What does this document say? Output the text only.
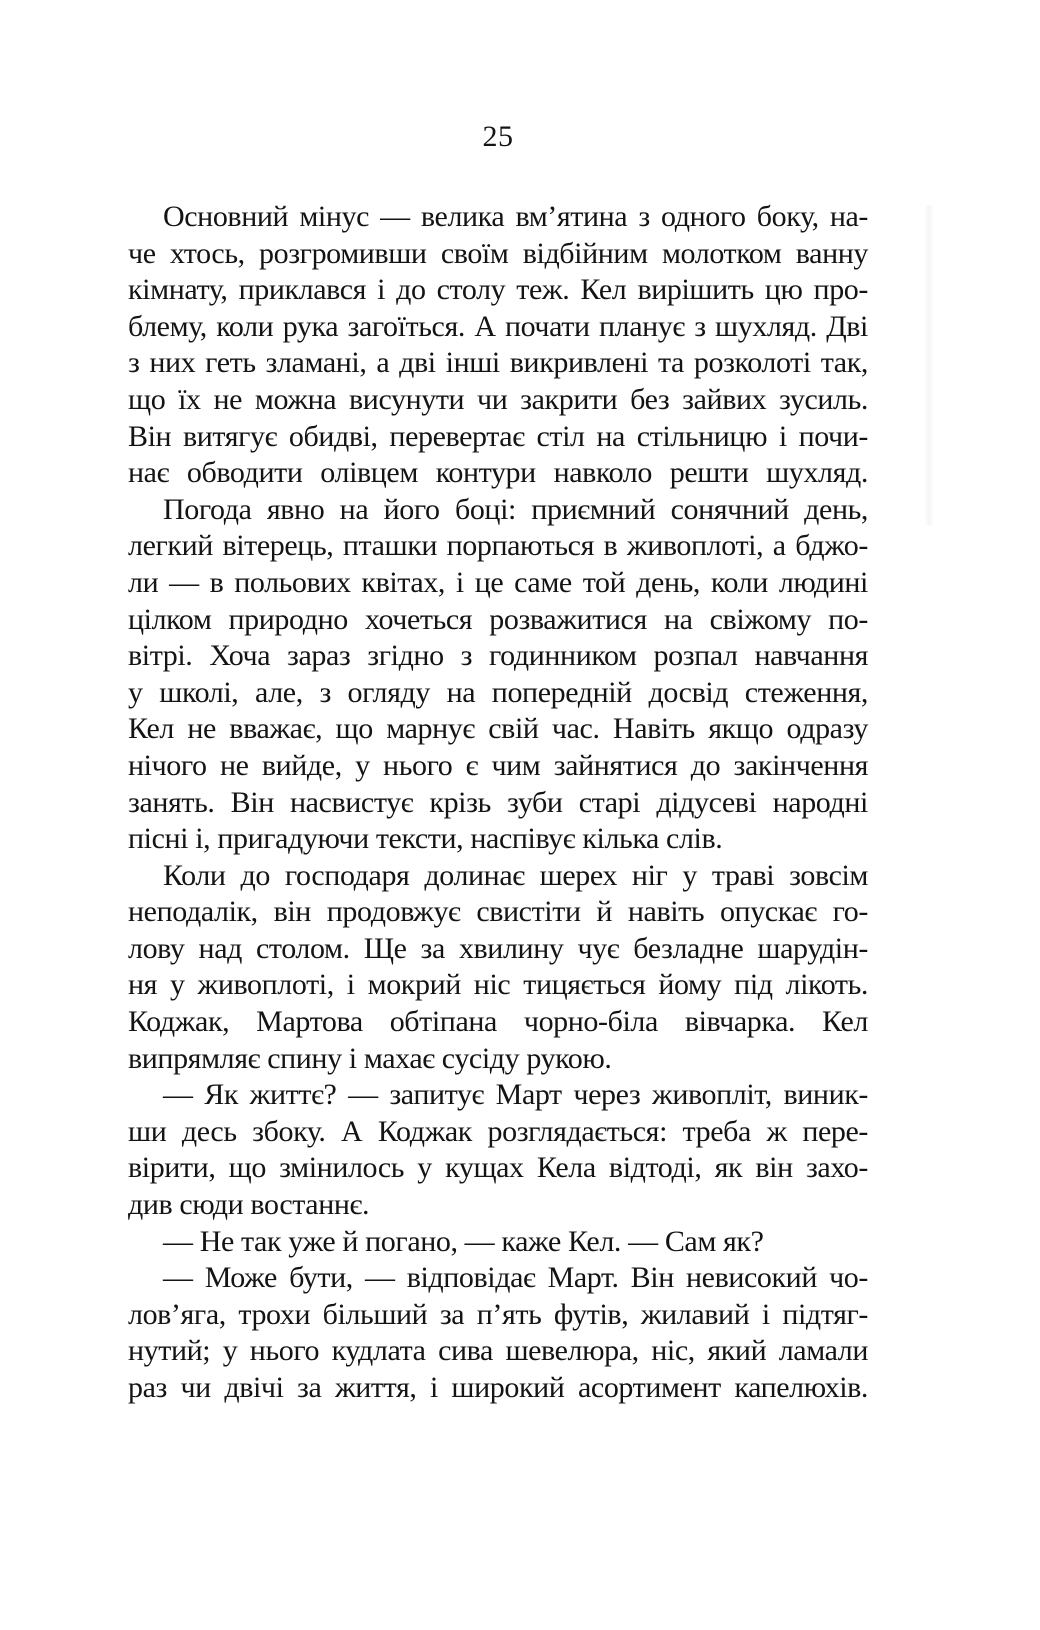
25
Основний мінус — велика вм’ятина з одного боку, на-
че хтось, розгромивши своїм відбійним молотком ванну
кімнату, приклався і до столу теж. Кел вирішить цю про-
блему, коли рука загоїться. А почати планує з шухляд. Дві
з них геть зламані, а дві інші викривлені та розколоті так,
що їх не можна висунути чи закрити без зайвих зусиль.
Він витягує обидві, перевертає стіл на стільницю і почи-
нає обводити олівцем контури навколо решти шухляд.
Погода явно на його боці: приємний сонячний день,
легкий вітерець, пташки порпаються в живоплоті, а бджо-
ли — в польових квітах, і це саме той день, коли людині
цілком природно хочеться розважитися на свіжому по-
вітрі. Хоча зараз згідно з годинником розпал навчання
у школі, але, з огляду на попередній досвід стеження,
Кел не вважає, що марнує свій час. Навіть якщо одразу
нічого не вийде, у нього є чим зайнятися до закінчення
занять. Він насвистує крізь зуби старі дідусеві народні
пісні і, пригадуючи тексти, наспівує кілька слів.
Коли до господаря долинає шерех ніг у траві зовсім
неподалік, він продовжує свистіти й навіть опускає го-
лову над столом. Ще за хвилину чує безладне шарудін-
ня у живоплоті, і мокрий ніс тицяється йому під лікоть.
Коджак, Мартова обтіпана чорно-біла вівчарка. Кел
випрямляє спину і махає сусіду рукою.
— Як життє? — запитує Март через живопліт, виник-
ши десь збоку. А Коджак розглядається: треба ж пере-
вірити, що змінилось у кущах Кела відтоді, як він захо-
див сюди востаннє.
— Не так уже й погано, — каже Кел. — Сам як?
— Може бути, — відповідає Март. Він невисокий чо-
лов’яга, трохи більший за п’ять футів, жилавий і підтяг-
нутий; у нього кудлата сива шевелюра, ніс, який ламали
раз чи двічі за життя, і широкий асортимент капелюхів.
